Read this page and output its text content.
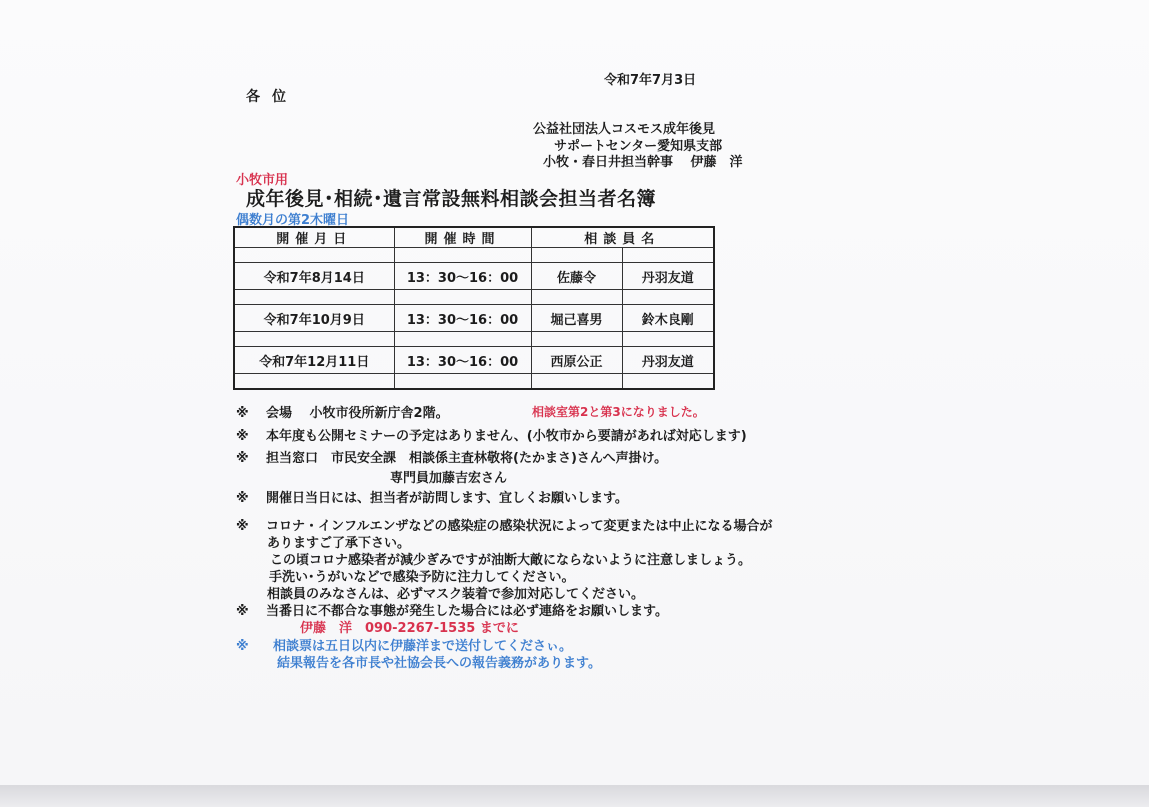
令和7年7月3日
各位
公益社団法人コスモス成年後見
サポートセンター愛知県支部
小牧・春日井担当幹事　 伊藤　洋
小牧市用
成年後見･相続･遺言常設無料相談会担当者名簿
偶数月の第2木曜日
開催月日	開催時間	相談員名	

令和7年8月14日	13：30～16：00	佐藤令	丹羽友道

令和7年10月9日	13：30～16：00	堀己喜男	鈴木良剛

令和7年12月11日	13：30～16：00	西原公正	丹羽友道

※ 会場　 小牧市役所新庁舎2階。	相談室第2と第3になりました。
※ 本年度も公開セミナーの予定はありません、(小牧市から要請があれば対応します)
※ 担当窓口　市民安全課　相談係主査林敬将(たかまさ)さんへ声掛け。
専門員加藤吉宏さん
※ 開催日当日には、担当者が訪問します、宜しくお願いします。
※ コロナ・インフルエンザなどの感染症の感染状況によって変更または中止になる場合が
ありますご了承下さい。
この頃コロナ感染者が減少ぎみですが油断大敵にならないように注意しましょう。
手洗い･うがいなどで感染予防に注力してください。
相談員のみなさんは、必ずマスク装着で参加対応してください。
※ 当番日に不都合な事態が発生した場合には必ず連絡をお願いします。
伊藤　洋　090-2267-1535 までに
※ 相談票は五日以内に伊藤洋まで送付してくださぃ。
結果報告を各市長や社協会長への報告義務があります。
